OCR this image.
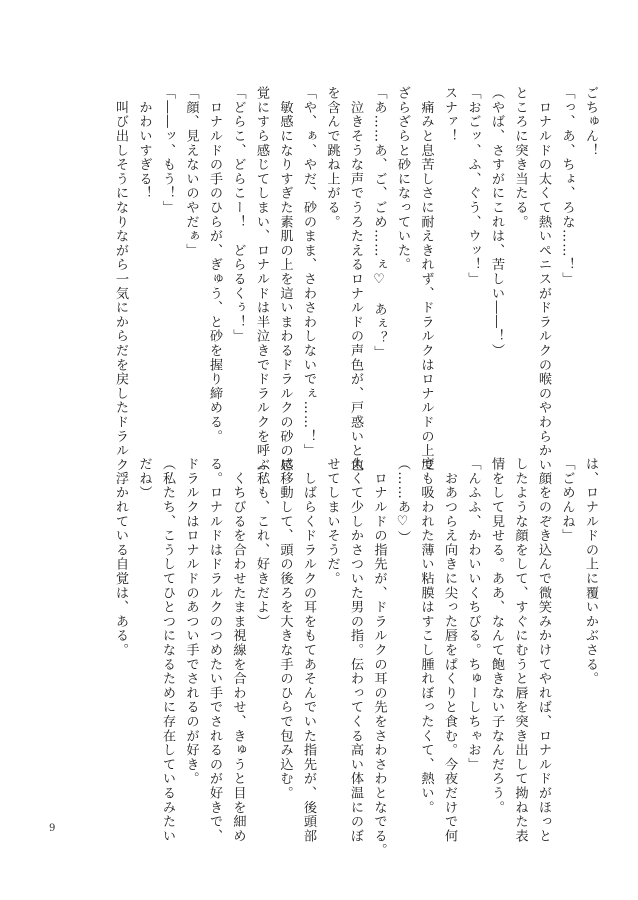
ごちゅん！
「っ、あ、ちょ、ろな……！」
　ロナルドの太くて熱いペニスがドラルクの喉のやわらかい
ところに突き当たる。
（やば、さすがにこれは、苦しい――！）
「おごッ、ふ、ぐう、ウッ！」
スナァ！
　痛みと息苦しさに耐えきれず、ドラルクはロナルドの上で
ざらざらと砂になっていた。
「あ……あ、ご、ごめ……ぇ♡　あぇ？」
　泣きそうな声でうろたえるロナルドの声色が、戸惑いと色
を含んで跳ね上がる。
「や、ぁ、やだ、砂のまま、さわさわしないでぇ……！」
　敏感になりすぎた素肌の上を這いまわるドラルクの砂の感
覚にすら感じてしまい、ロナルドは半泣きでドラルクを呼ぶ。
「どらこ、どらこー！　どらるくぅ！」
　ロナルドの手のひらが、ぎゅう、と砂を握り締める。
「顔、見えないのやだぁ」
「――ッ、もう！」
　かわいすぎる！
　叫び出しそうになりながら一気にからだを戻したドラルク
は、ロナルドの上に覆いかぶさる。
「ごめんね」
　顔をのぞき込んで微笑みかけてやれば、ロナルドがほっと
したような顔をして、すぐにむうと唇を突き出して拗ねた表
情をして見せる。ああ、なんて飽きない子なんだろう。
「んふふ、かわいいくちびる。ちゅーしちゃお」
　おあつらえ向きに尖った唇をぱくりと食む。今夜だけで何
度も吸われた薄い粘膜はすこし腫れぼったくて、熱い。
（……あ♡）
　ロナルドの指先が、ドラルクの耳の先をさわさわとなでる。
太くて少しかさついた男の指。伝わってくる高い体温にのぼ
せてしまいそうだ。
　しばらくドラルクの耳をもてあそんでいた指先が、後頭部
に移動して、頭の後ろを大きな手のひらで包み込む。
（私も、これ、好きだよ）
　くちびるを合わせたまま視線を合わせ、きゅうと目を細め
る。ロナルドはドラルクのつめたい手でされるのが好きで、
ドラルクはロナルドのあつい手でされるのが好き。
（私たち、こうしてひとつになるために存在しているみたい
だね）
　浮かれている自覚は、ある。
9
